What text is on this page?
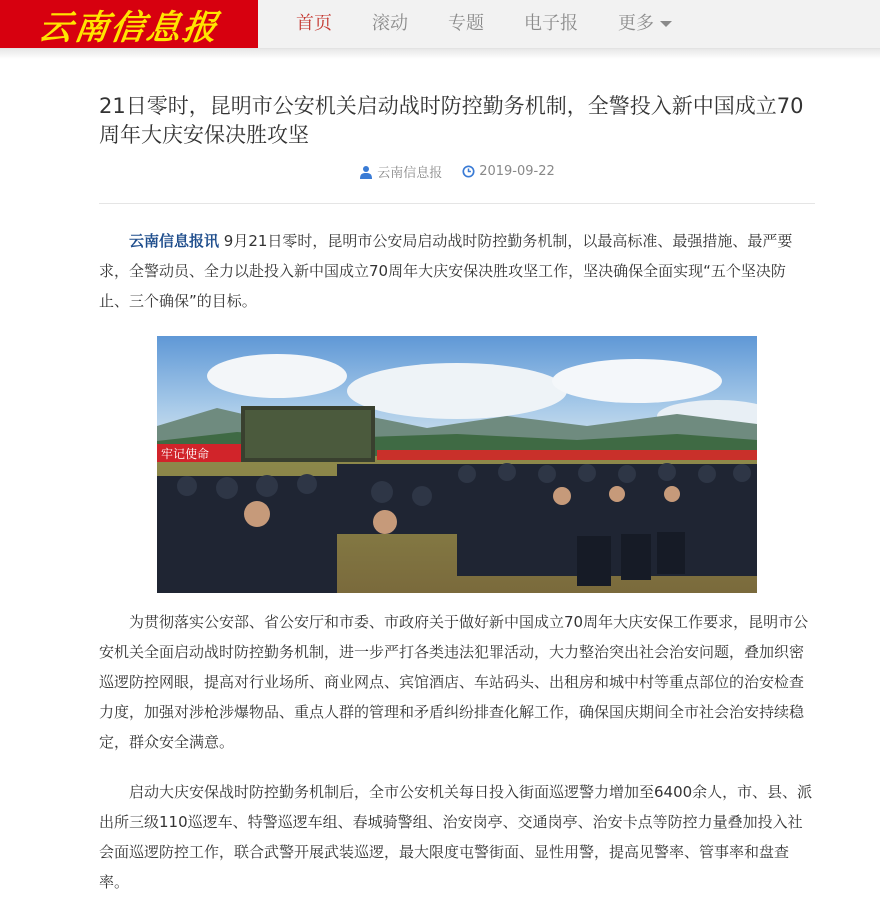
云南信息报	首页	滚动	专题	电子报	更多
21日零时，昆明市公安机关启动战时防控勤务机制，全警投入新中国成立70周年大庆安保决胜攻坚
云南信息报	2019-09-22

云南信息报讯 9月21日零时，昆明市公安局启动战时防控勤务机制，以最高标准、最强措施、最严要求，全警动员、全力以赴投入新中国成立70周年大庆安保决胜攻坚工作，坚决确保全面实现“五个坚决防止、三个确保”的目标。

牢记使命

为贯彻落实公安部、省公安厅和市委、市政府关于做好新中国成立70周年大庆安保工作要求，昆明市公安机关全面启动战时防控勤务机制，进一步严打各类违法犯罪活动，大力整治突出社会治安问题，叠加织密巡逻防控网眼，提高对行业场所、商业网点、宾馆酒店、车站码头、出租房和城中村等重点部位的治安检查力度，加强对涉枪涉爆物品、重点人群的管理和矛盾纠纷排查化解工作，确保国庆期间全市社会治安持续稳定，群众安全满意。

启动大庆安保战时防控勤务机制后，全市公安机关每日投入街面巡逻警力增加至6400余人，市、县、派出所三级110巡逻车、特警巡逻车组、春城骑警组、治安岗亭、交通岗亭、治安卡点等防控力量叠加投入社会面巡逻防控工作，联合武警开展武装巡逻，最大限度屯警街面、显性用警，提高见警率、管事率和盘查率。
